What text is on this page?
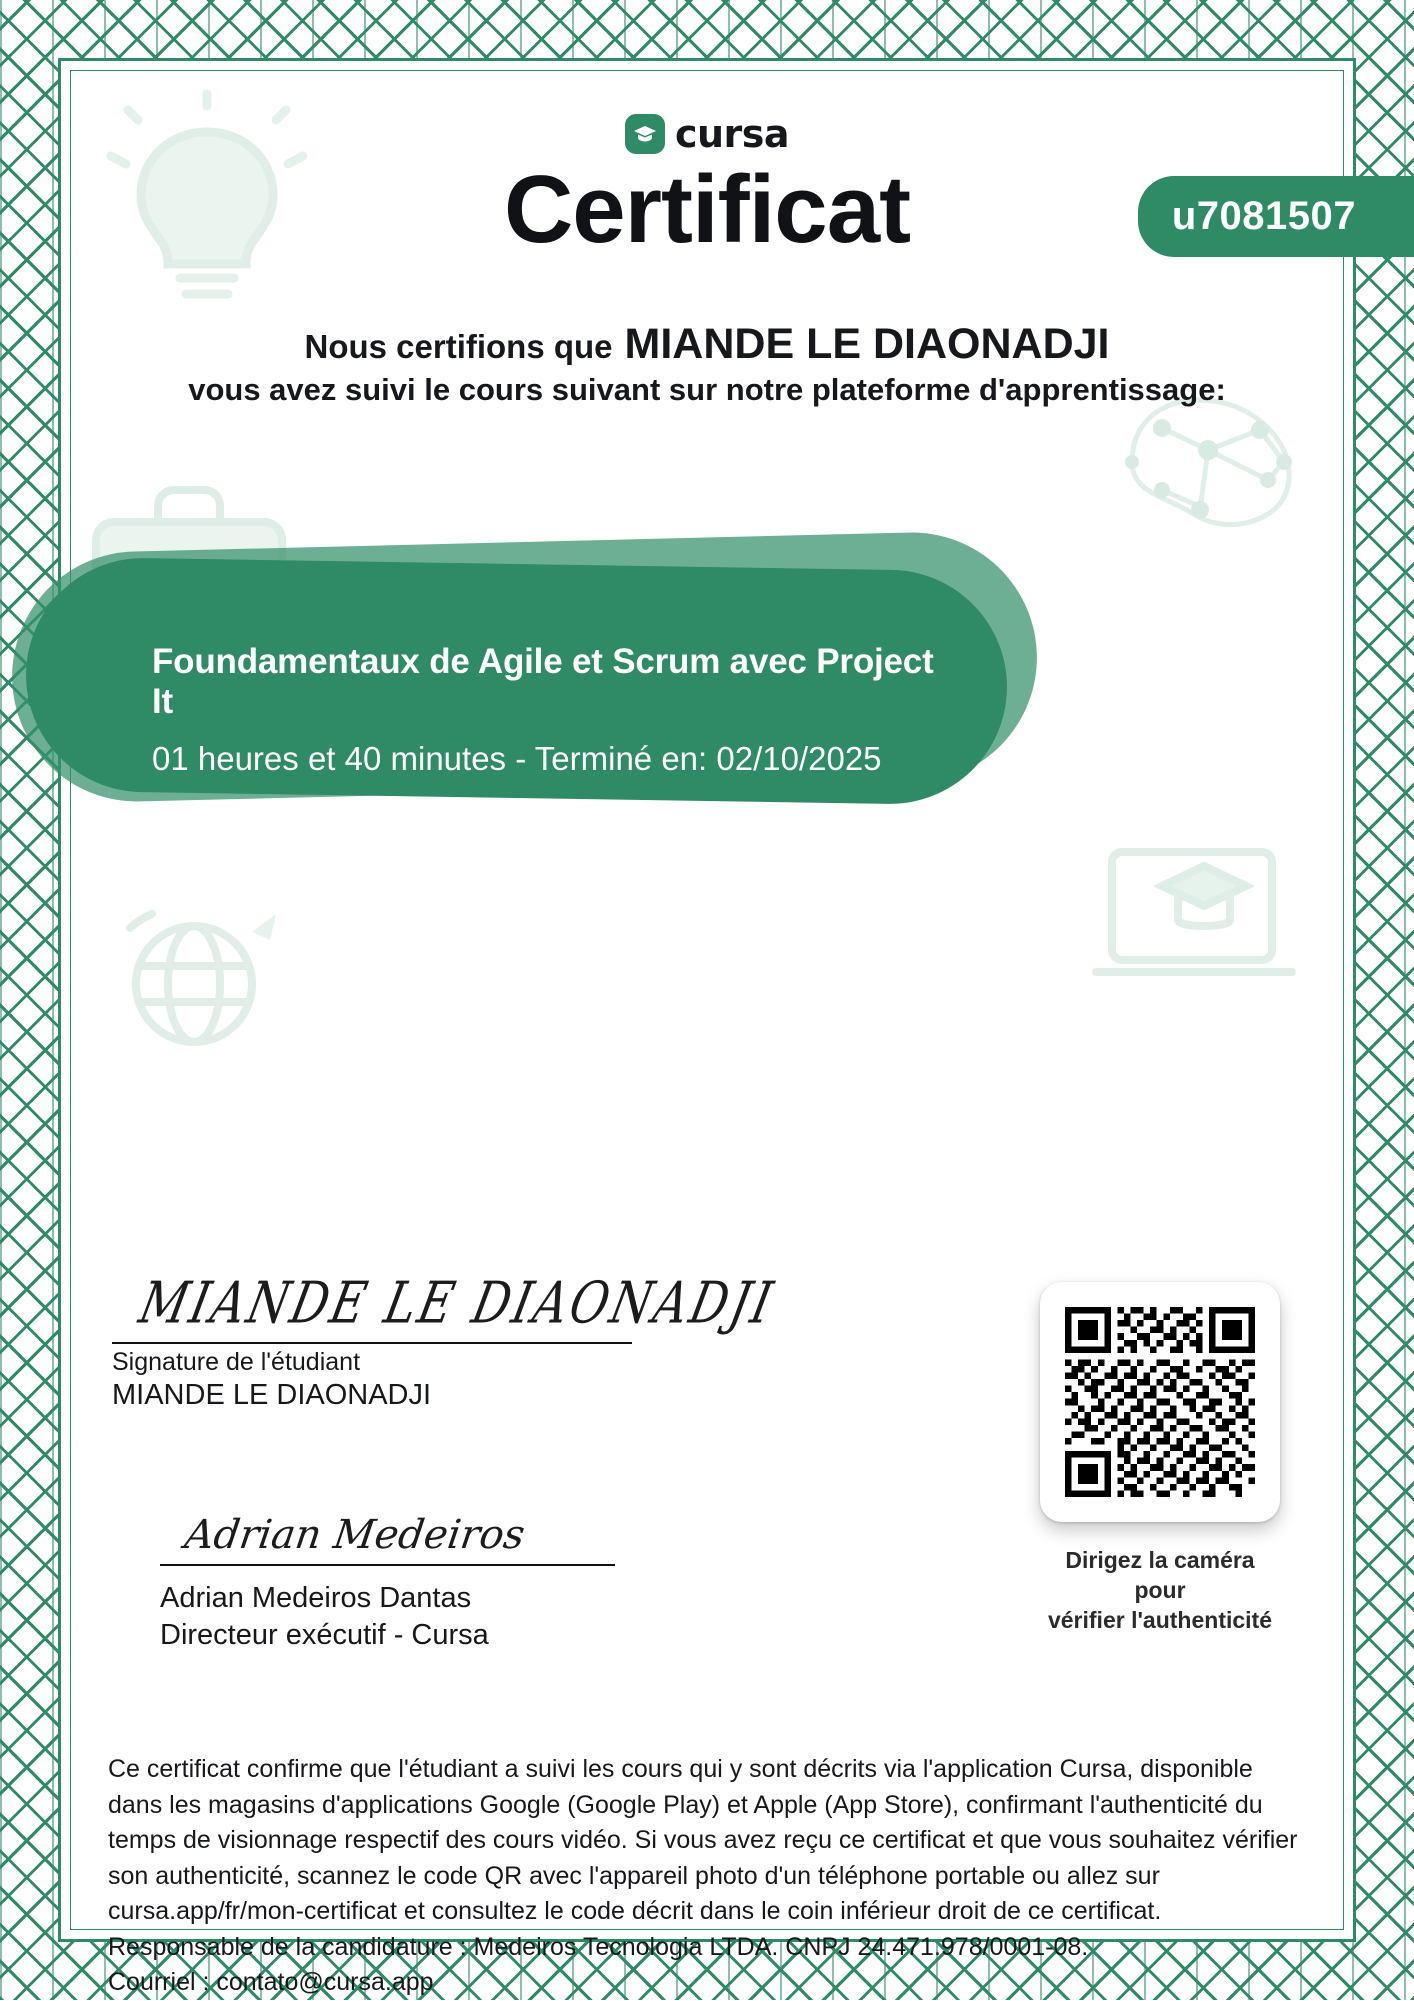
cursa
Certificat	u7081507
Nous certifions que MIANDE LE DIAONADJI
vous avez suivi le cours suivant sur notre plateforme d'apprentissage:
Foundamentaux de Agile et Scrum avec Project It
01 heures et 40 minutes - Terminé en: 02/10/2025
MIANDE LE DIAONADJI
Signature de l'étudiant
MIANDE LE DIAONADJI
Adrian Medeiros
Adrian Medeiros Dantas
Directeur exécutif - Cursa
Dirigez la caméra pour
vérifier l'authenticité

Ce certificat confirme que l'étudiant a suivi les cours qui y sont décrits via l'application Cursa, disponible dans les magasins d'applications Google (Google Play) et Apple (App Store), confirmant l'authenticité du temps de visionnage respectif des cours vidéo. Si vous avez reçu ce certificat et que vous souhaitez vérifier son authenticité, scannez le code QR avec l'appareil photo d'un téléphone portable ou allez sur cursa.app/fr/mon-certificat et consultez le code décrit dans le coin inférieur droit de ce certificat.

Responsable de la candidature : Medeiros Tecnologia LTDA. CNPJ 24.471.978/0001-08.

Courriel : contato@cursa.app
